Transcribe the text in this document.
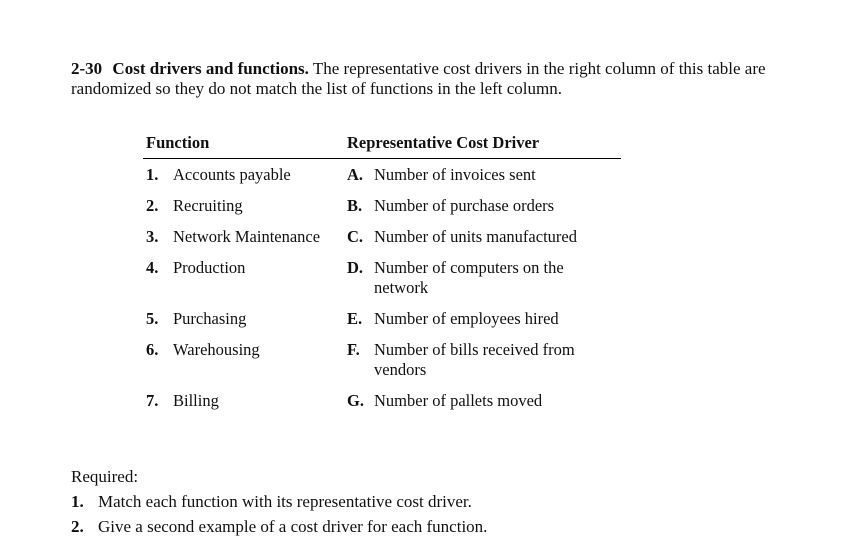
2-30 Cost drivers and functions. The representative cost drivers in the right column of this table are randomized so they do not match the list of functions in the left column.
Function	Representative Cost Driver

1. Accounts payable	A. Number of invoices sent

2. Recruiting	B. Number of purchase orders

3. Network Maintenance	C. Number of units manufactured

4. Production	D. Number of computers on the network

5. Purchasing	E. Number of employees hired

6. Warehousing	F. Number of bills received from vendors

7. Billing	G. Number of pallets moved
Required:
1. Match each function with its representative cost driver.
2. Give a second example of a cost driver for each function.
